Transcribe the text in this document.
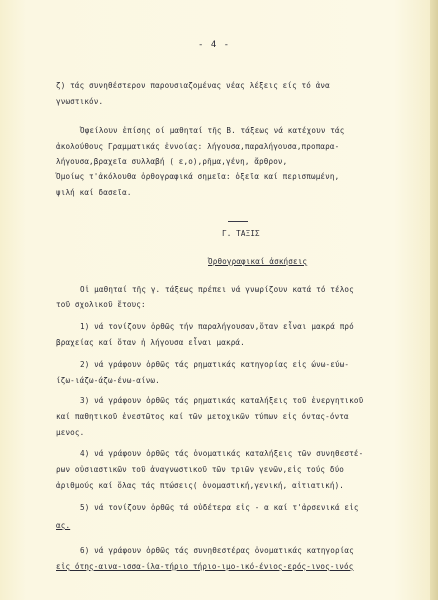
- 4 -
ζ) τάς συνηθέστερον παρουσιαζομένας νέας λέξεις είς τό ἀνα
γνωστικόν.
Ὀφείλουν ἐπίσης οί μαθηταί τῆς Β. τάξεως νά κατέχουν τάς
ἀκολούθους Γραμματικάς ἐννοίας: λήγουσα,παραλήγουσα,προπαρα-
λήγουσα,βραχεῖα συλλαβή ( ε,ο),ρῆμα,γένη, ἄρθρον,
Ὁμοίως τ'ἀκόλουθα ὀρθογραφικά σημεῖα: ὀξεῖα καί περισπωμένη,
ψιλή καί δασεῖα.
Γ. ΤΑΞΙΣ
Ὀρθογραφικαί ἀσκήσεις
Οἱ μαθηταί τῆς γ. τάξεως πρέπει νά γνωρίζουν κατά τό τέλος
τοῦ σχολικοῦ ἔτους:
1) νά τονίζουν ὀρθῶς τήν παραλήγουσαν,ὅταν εἶναι μακρά πρό
βραχείας καί ὅταν ἡ λήγουσα εἶναι μακρά.
2) νά γράφουν ὀρθῶς τάς ρηματικάς κατηγορίας εἰς ώνω-εύω-
ίζω-ιάζω-άζω-ένω-αίνω.
3) νά γράφουν ὀρθῶς τάς ρηματικάς καταλήξεις τοῦ ἐνεργητικοῦ
καί παθητικοῦ ἐνεστῶτος καί τῶν μετοχικῶν τύπων εἰς όντας-όντα
μενος.
4) νά γράφουν ὀρθῶς τάς ὀνοματικάς καταλήξεις τῶν συνηθεστέ-
ρων οὐσιαστικῶν τοῦ ἀναγνωστικοῦ τῶν τριῶν γενῶν,εἰς τούς δύο
ἀριθμούς καί ὅλας τάς πτώσεις( ὀνομαστική,γενική, αἰτιατική).
5) νά τονίζουν ὀρθῶς τά οὐδέτερα εἰς - α καί τ'ἀρσενικά εἰς
ας.
6) νά γράφουν ὀρθῶς τάς συνηθεστέρας ὀνοματικάς κατηγορίας
εἰς ότης-αινα-ισσα-ίλα-τήριο τήριο-ιμο-ικό-ένιος-ερός-ινος-ινός
